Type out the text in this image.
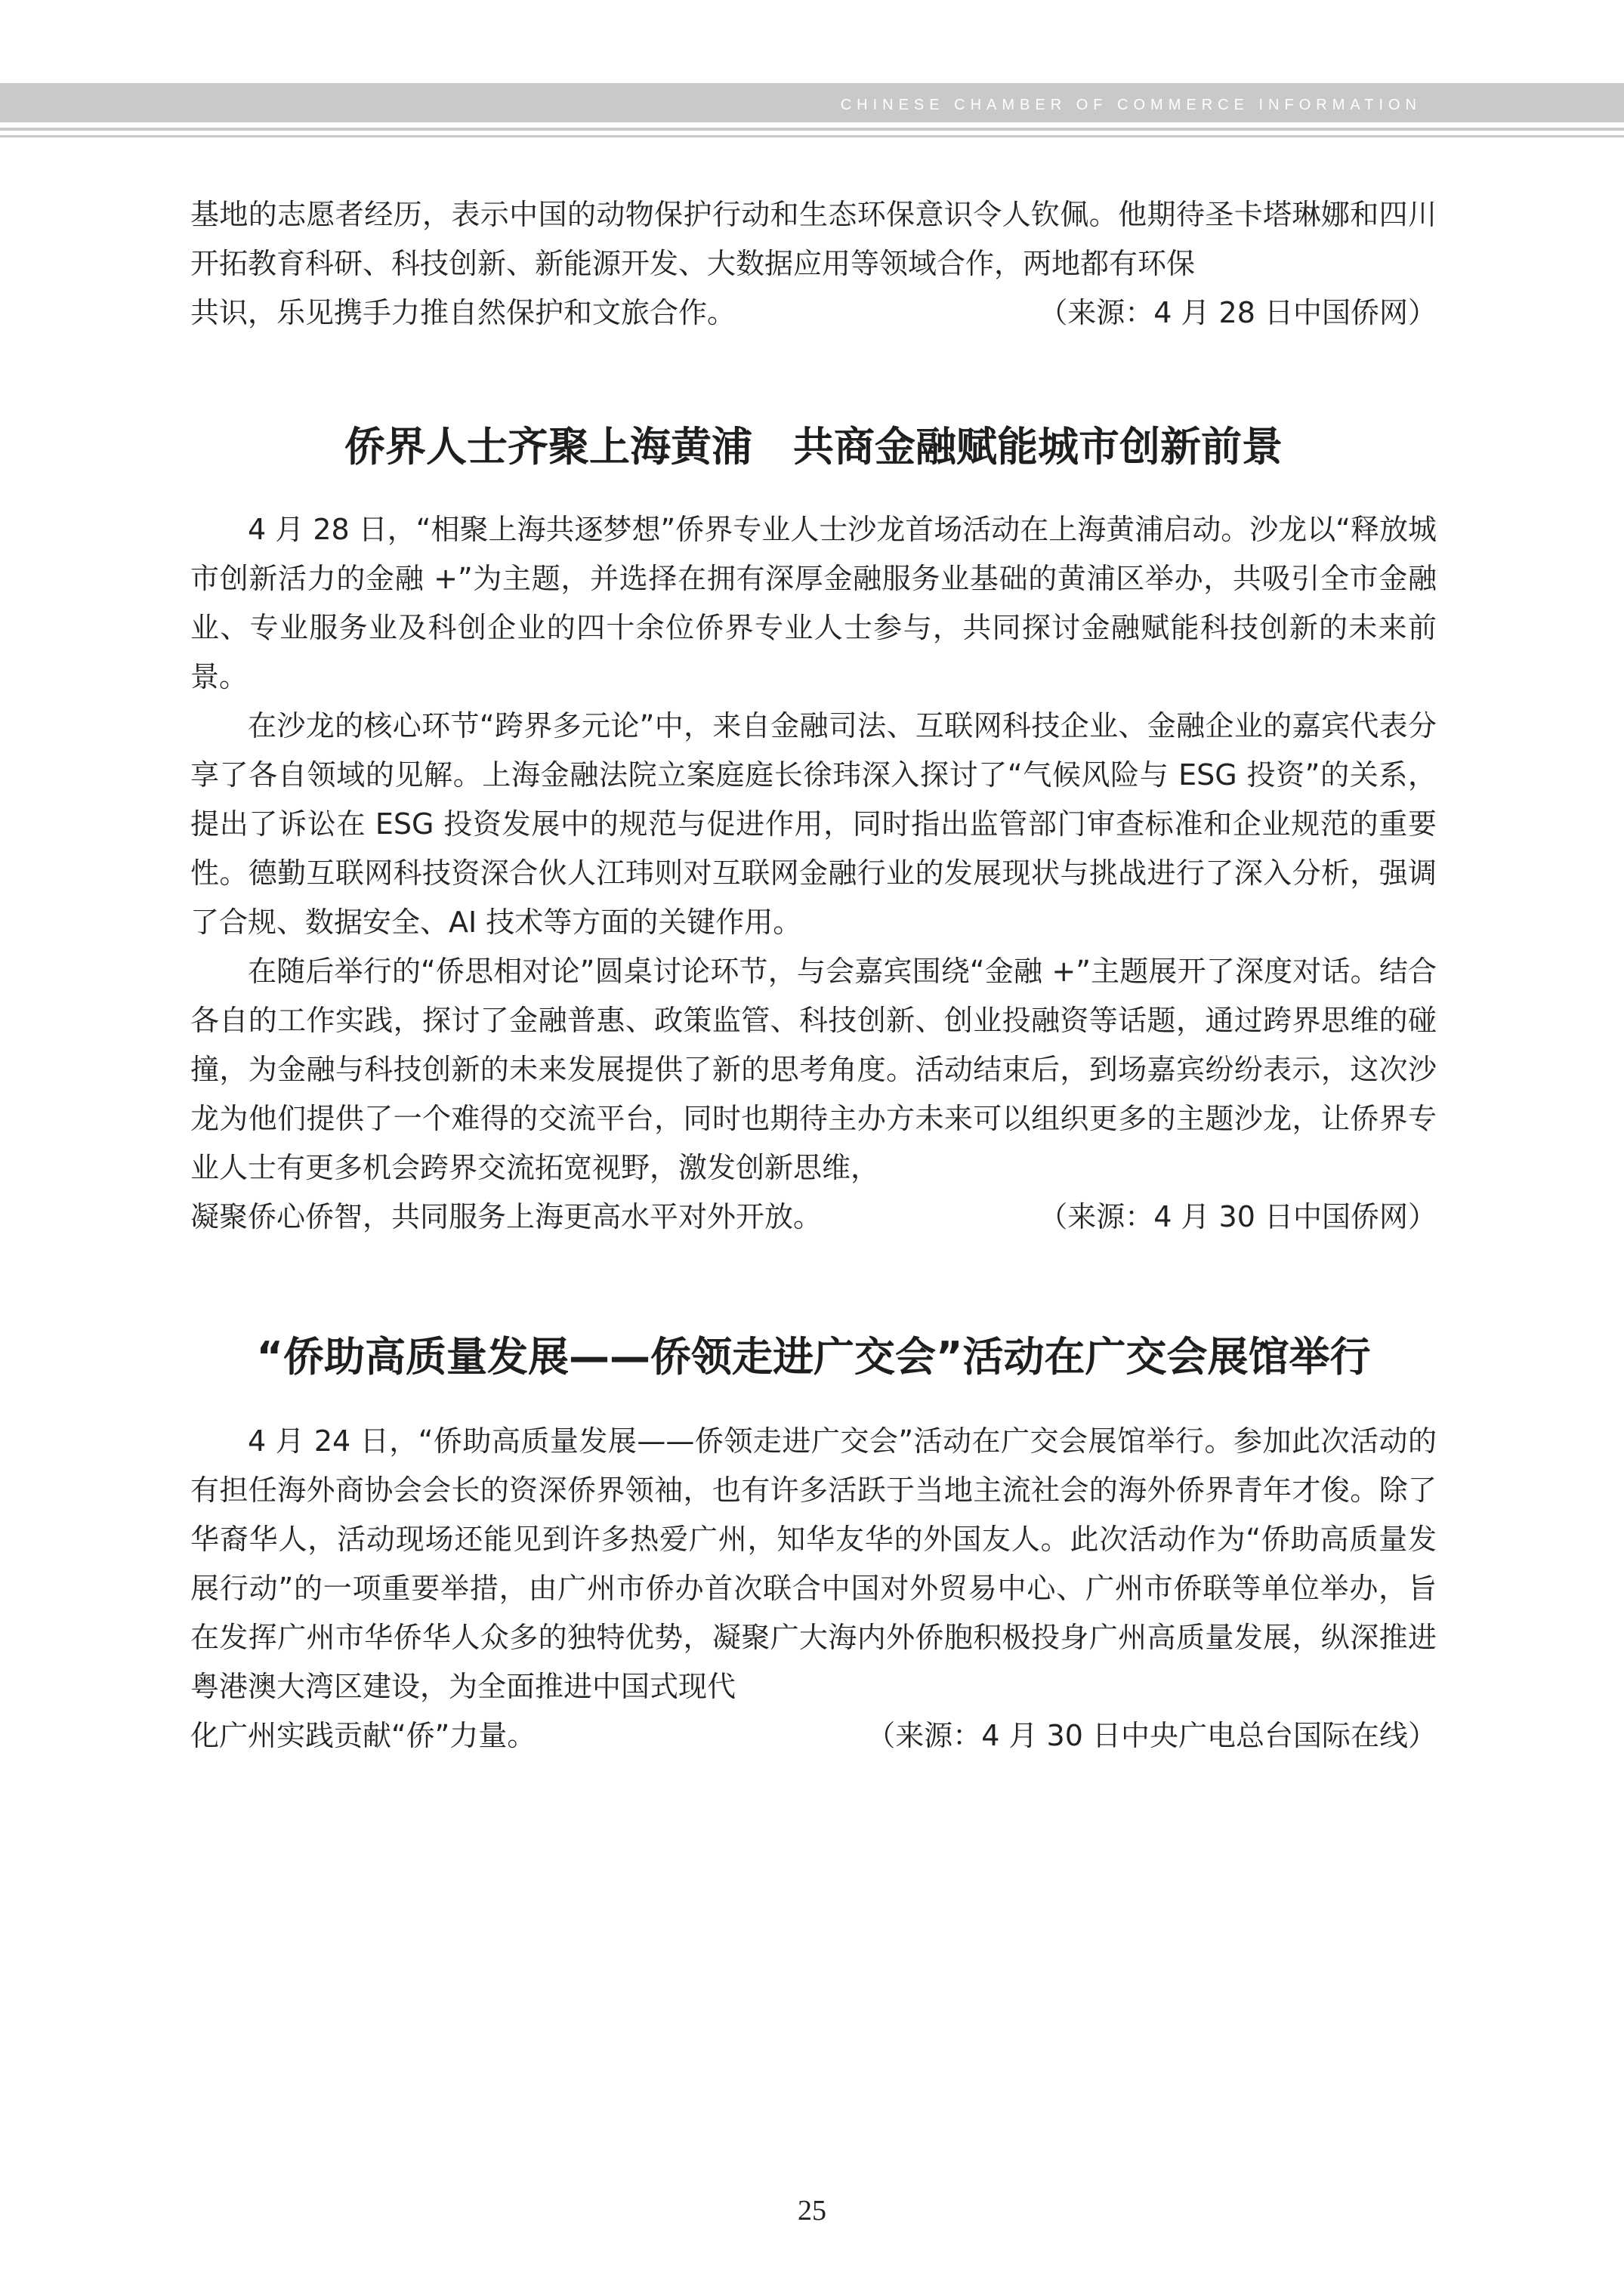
CHINESE CHAMBER OF COMMERCE INFORMATION

基地的志愿者经历，表示中国的动物保护行动和生态环保意识令人钦佩。他期待圣卡塔琳娜和四川开拓教育科研、科技创新、新能源开发、大数据应用等领域合作，两地都有环保

共识，乐见携手力推自然保护和文旅合作。	（来源：4 月 28 日中国侨网）

侨界人士齐聚上海黄浦　共商金融赋能城市创新前景

4 月 28 日，“相聚上海共逐梦想”侨界专业人士沙龙首场活动在上海黄浦启动。沙龙以“释放城市创新活力的金融 +”为主题，并选择在拥有深厚金融服务业基础的黄浦区举办，共吸引全市金融业、专业服务业及科创企业的四十余位侨界专业人士参与，共同探讨金融赋能科技创新的未来前景。

在沙龙的核心环节“跨界多元论”中，来自金融司法、互联网科技企业、金融企业的嘉宾代表分享了各自领域的见解。上海金融法院立案庭庭长徐玮深入探讨了“气候风险与 ESG 投资”的关系，提出了诉讼在 ESG 投资发展中的规范与促进作用，同时指出监管部门审查标准和企业规范的重要性。德勤互联网科技资深合伙人江玮则对互联网金融行业的发展现状与挑战进行了深入分析，强调了合规、数据安全、AI 技术等方面的关键作用。

在随后举行的“侨思相对论”圆桌讨论环节，与会嘉宾围绕“金融 +”主题展开了深度对话。结合各自的工作实践，探讨了金融普惠、政策监管、科技创新、创业投融资等话题，通过跨界思维的碰撞，为金融与科技创新的未来发展提供了新的思考角度。活动结束后，到场嘉宾纷纷表示，这次沙龙为他们提供了一个难得的交流平台，同时也期待主办方未来可以组织更多的主题沙龙，让侨界专业人士有更多机会跨界交流拓宽视野，激发创新思维，

凝聚侨心侨智，共同服务上海更高水平对外开放。	（来源：4 月 30 日中国侨网）

“侨助高质量发展——侨领走进广交会”活动在广交会展馆举行

4 月 24 日，“侨助高质量发展——侨领走进广交会”活动在广交会展馆举行。参加此次活动的有担任海外商协会会长的资深侨界领袖，也有许多活跃于当地主流社会的海外侨界青年才俊。除了华裔华人，活动现场还能见到许多热爱广州，知华友华的外国友人。此次活动作为“侨助高质量发展行动”的一项重要举措，由广州市侨办首次联合中国对外贸易中心、广州市侨联等单位举办，旨在发挥广州市华侨华人众多的独特优势，凝聚广大海内外侨胞积极投身广州高质量发展，纵深推进粤港澳大湾区建设，为全面推进中国式现代

化广州实践贡献“侨”力量。	（来源：4 月 30 日中央广电总台国际在线）

25
